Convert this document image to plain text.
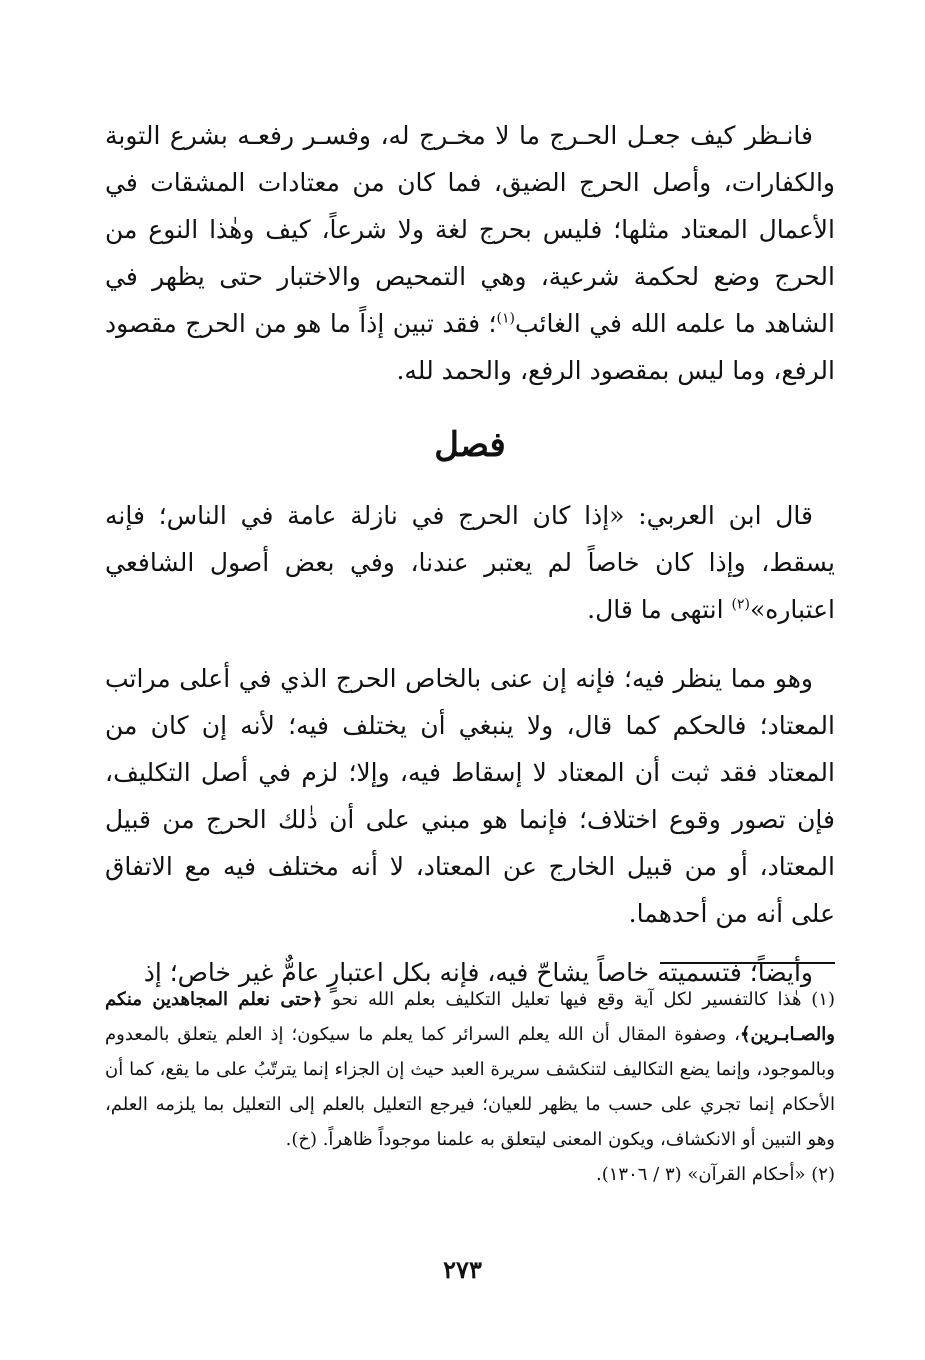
فانـظر كيف جعـل الحـرج ما لا مخـرج له، وفسـر رفعـه بشرع التوبة والكفارات، وأصل الحرج الضيق، فما كان من معتادات المشقات في الأعمال المعتاد مثلها؛ فليس بحرج لغة ولا شرعاً، كيف وهٰذا النوع من الحرج وضع لحكمة شرعية، وهي التمحيص والاختبار حتى يظهر في الشاهد ما علمه الله في الغائب$^{(١)}$؛ فقد تبين إذاً ما هو من الحرج مقصود الرفع، وما ليس بمقصود الرفع، والحمد لله.

فصل

قال ابن العربي: «إذا كان الحرج في نازلة عامة في الناس؛ فإنه يسقط، وإذا كان خاصاً لم يعتبر عندنا، وفي بعض أصول الشافعي اعتباره»$^{(٢)}$ انتهى ما قال.

وهو مما ينظر فيه؛ فإنه إن عنى بالخاص الحرج الذي في أعلى مراتب المعتاد؛ فالحكم كما قال، ولا ينبغي أن يختلف فيه؛ لأنه إن كان من المعتاد فقد ثبت أن المعتاد لا إسقاط فيه، وإلا؛ لزم في أصل التكليف، فإن تصور وقوع اختلاف؛ فإنما هو مبني على أن ذٰلك الحرج من قبيل المعتاد، أو من قبيل الخارج عن المعتاد، لا أنه مختلف فيه مع الاتفاق على أنه من أحدهما.

وأيضاً؛ فتسميته خاصاً يشاحّ فيه، فإنه بكل اعتبارٍ عامٌّ غير خاص؛ إذ

(١) هٰذا كالتفسير لكل آية وقع فيها تعليل التكليف بعلم الله نحو ﴿حتى نعلم المجاهدين منكم والصـابـرين﴾، وصفوة المقال أن الله يعلم السرائر كما يعلم ما سيكون؛ إذ العلم يتعلق بالمعدوم وبالموجود، وإنما يضع التكاليف لتنكشف سريرة العبد حيث إن الجزاء إنما يترتّبُ على ما يقع، كما أن الأحكام إنما تجري على حسب ما يظهر للعيان؛ فيرجع التعليل بالعلم إلى التعليل بما يلزمه العلم، وهو التبين أو الانكشاف، ويكون المعنى ليتعلق به علمنا موجوداً ظاهراً. (خ).

(٢) «أحكام القرآن» (٣ / ١٣٠٦).

٢٧٣
